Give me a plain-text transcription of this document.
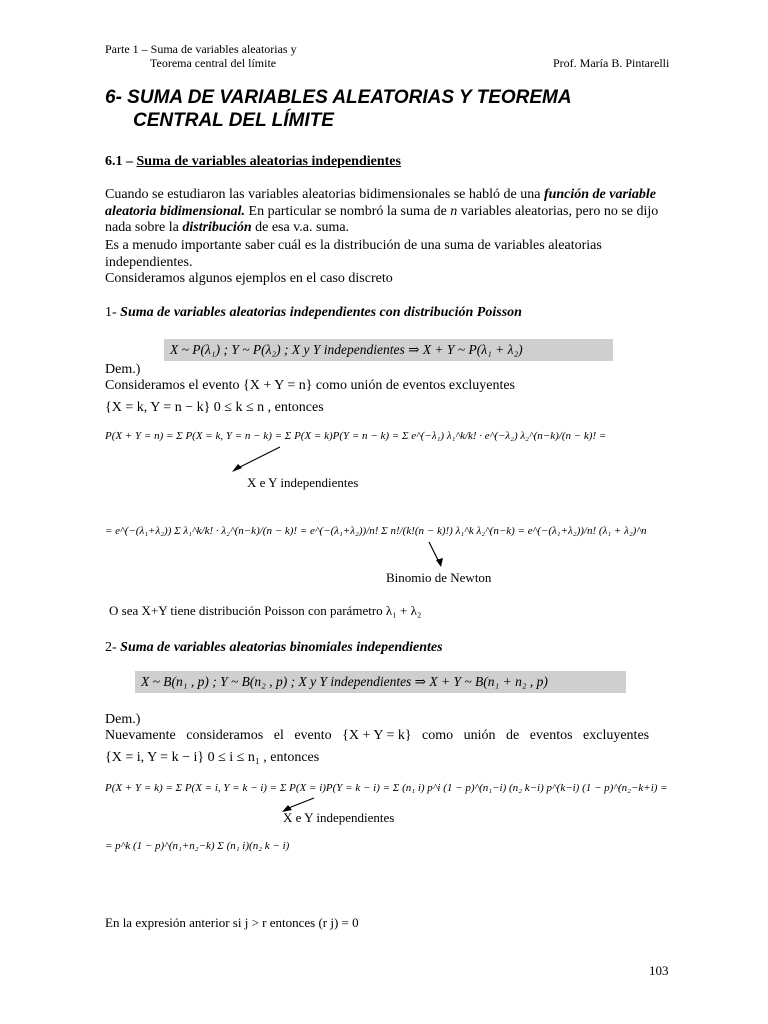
Parte 1 – Suma de variables aleatorias y
Teorema central del límite	Prof. María B. Pintarelli
6- SUMA DE VARIABLES ALEATORIAS Y TEOREMA
CENTRAL DEL LÍMITE
6.1 – Suma de variables aleatorias independientes
Cuando se estudiaron las variables aleatorias bidimensionales se habló de una función de variable aleatoria bidimensional. En particular se nombró la suma de n variables aleatorias, pero no se dijo nada sobre la distribución de esa v.a. suma.
Es a menudo importante saber cuál es la distribución de una suma de variables aleatorias independientes.
Consideramos algunos ejemplos en el caso discreto
1- Suma de variables aleatorias independientes con distribución Poisson
X ~ P(λ₁) ; Y ~ P(λ₂) ; X y Y independientes ⇒ X + Y ~ P(λ₁ + λ₂)
Dem.)
Consideramos el evento {X + Y = n} como unión de eventos excluyentes
{X = k, Y = n − k} 0 ≤ k ≤ n , entonces
P(X + Y = n) = Σ P(X = k, Y = n − k) = Σ P(X = k)P(Y = n − k) = Σ e^(−λ₁) λ₁^k/k! · e^(−λ₂) λ₂^(n−k)/(n − k)! =
X e Y independientes
= e^(−(λ₁+λ₂)) Σ λ₁^k/k! · λ₂^(n−k)/(n − k)! = e^(−(λ₁+λ₂))/n! Σ n!/(k!(n − k)!) λ₁^k λ₂^(n−k) = e^(−(λ₁+λ₂))/n! (λ₁ + λ₂)^n
Binomio de Newton
O sea X+Y tiene distribución Poisson con parámetro λ₁ + λ₂
2- Suma de variables aleatorias binomiales independientes
X ~ B(n₁ , p) ; Y ~ B(n₂ , p) ; X y Y independientes ⇒ X + Y ~ B(n₁ + n₂ , p)
Dem.)
Nuevamente   consideramos   el   evento   {X + Y = k}   como   unión   de   eventos   excluyentes
{X = i, Y = k − i} 0 ≤ i ≤ n₁ , entonces
P(X + Y = k) = Σ P(X = i, Y = k − i) = Σ P(X = i)P(Y = k − i) = Σ (n₁ i) p^i (1 − p)^(n₁−i) (n₂ k−i) p^(k−i) (1 − p)^(n₂−k+i) =
X e Y independientes
= p^k (1 − p)^(n₁+n₂−k) Σ (n₁ i)(n₂ k − i)
En la expresión anterior si j > r entonces (r j) = 0
103
